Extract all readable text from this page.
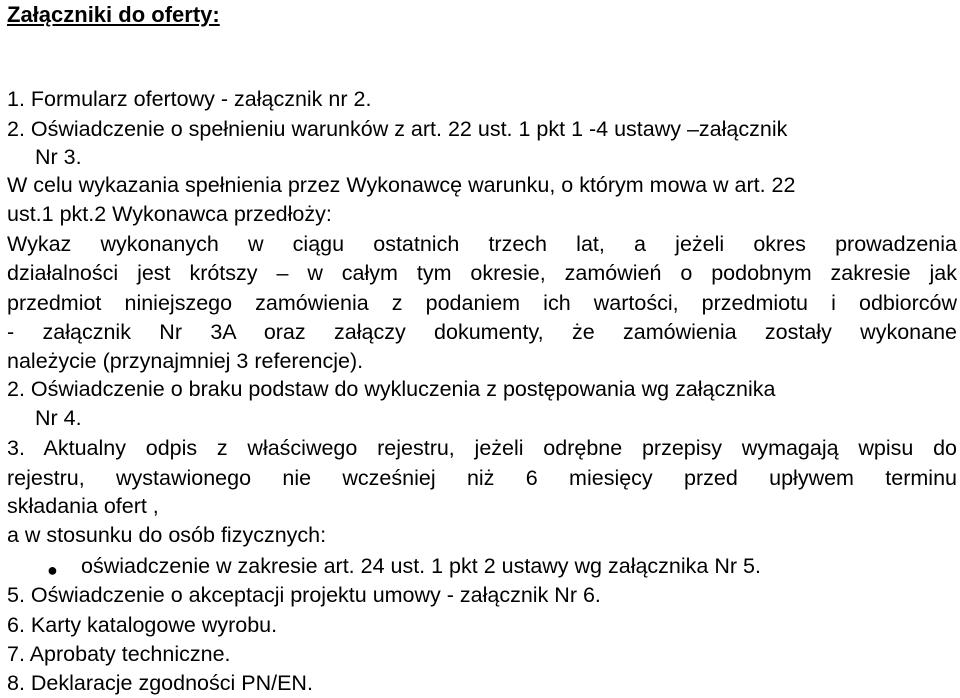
Załączniki do oferty:
1. Formularz ofertowy - załącznik nr 2.
2. Oświadczenie o spełnieniu warunków z art. 22 ust. 1 pkt 1 -4 ustawy –załącznik
Nr 3.
W celu wykazania spełnienia przez Wykonawcę warunku, o którym mowa w art. 22
ust.1 pkt.2 Wykonawca przedłoży:
Wykaz wykonanych w ciągu ostatnich trzech lat, a jeżeli okres prowadzenia
działalności jest krótszy – w całym tym okresie, zamówień o podobnym zakresie jak
przedmiot niniejszego zamówienia z podaniem ich wartości, przedmiotu i odbiorców
- załącznik Nr 3A oraz załączy dokumenty, że zamówienia zostały wykonane
należycie (przynajmniej 3 referencje).
2. Oświadczenie o braku podstaw do wykluczenia z postępowania wg załącznika
Nr 4.
3. Aktualny odpis z właściwego rejestru, jeżeli odrębne przepisy wymagają wpisu do
rejestru, wystawionego nie wcześniej niż 6 miesięcy przed upływem terminu
składania ofert ,
a w stosunku do osób fizycznych:
● oświadczenie w zakresie art. 24 ust. 1 pkt 2 ustawy wg załącznika Nr 5.
5. Oświadczenie o akceptacji projektu umowy - załącznik Nr 6.
6. Karty katalogowe wyrobu.
7. Aprobaty techniczne.
8. Deklaracje zgodności PN/EN.
